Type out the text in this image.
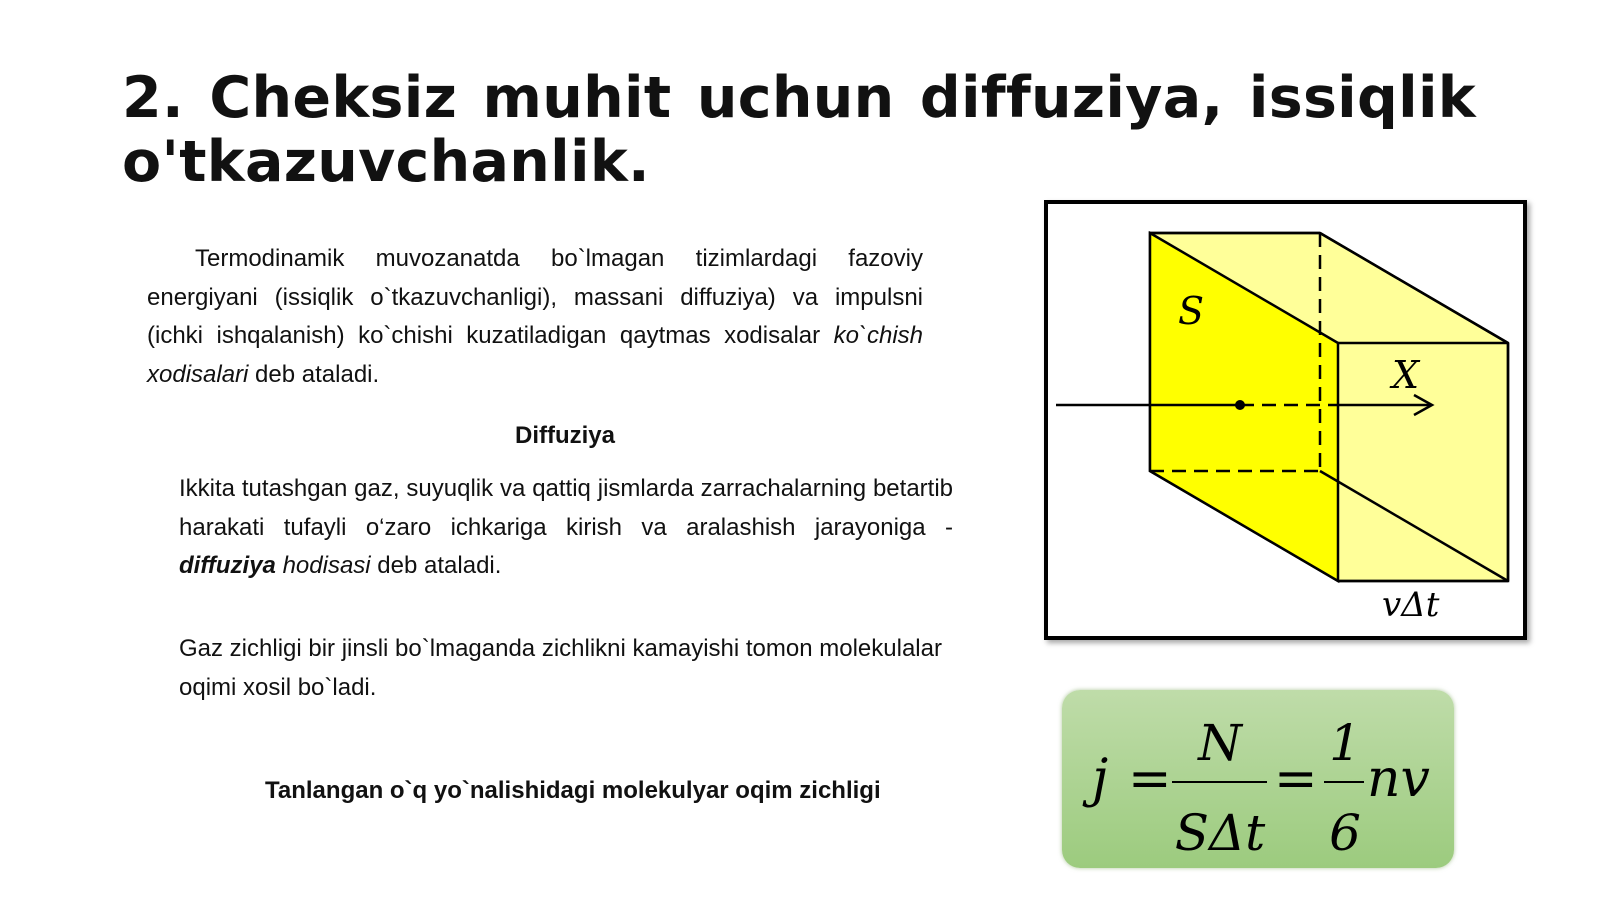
2. Cheksiz muhit uchun diffuziya, issiqlik o'tkazuvchanlik.

Termodinamik muvozanatda bo`lmagan tizimlardagi fazoviy energiyani (issiqlik o`tkazuvchanligi), massani diffuziya) va impulsni (ichki ishqalanish) ko`chishi kuzatiladigan qaytmas xodisalar ko`chish xodisalari deb ataladi.

Diffuziya

Ikkita tutashgan gaz, suyuqlik va qattiq jismlarda zarrachalarning betartib harakati tufayli o‘zaro ichkariga kirish va aralashish jarayoniga - diffuziya hodisasi deb ataladi.

Gaz zichligi bir jinsli bo`lmaganda zichlikni kamayishi tomon molekulalar oqimi xosil bo`ladi.

Tanlangan o`q yo`nalishidagi molekulyar oqim zichligi

S
X
vΔt
j =
N
SΔt
=
1
6
nv
